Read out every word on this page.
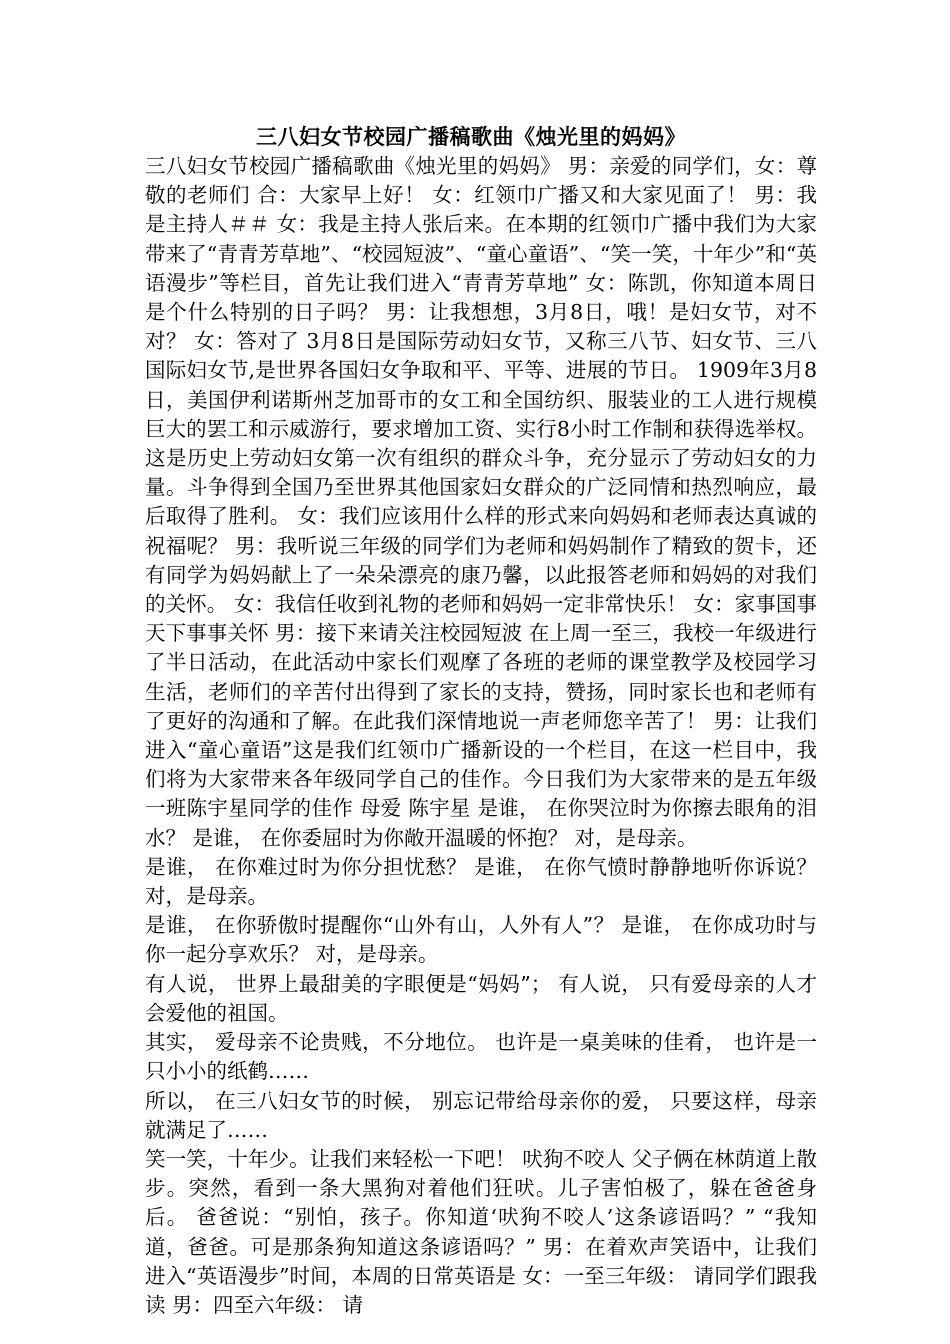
三八妇女节校园广播稿歌曲《烛光里的妈妈》

三八妇女节校园广播稿歌曲《烛光里的妈妈》 男：亲爱的同学们，女：尊敬的老师们 合：大家早上好！ 女：红领巾广播又和大家见面了！ 男：我是主持人＃＃ 女：我是主持人张后来。在本期的红领巾广播中我们为大家带来了“青青芳草地”、“校园短波”、“童心童语”、“笑一笑，十年少”和“英语漫步”等栏目，首先让我们进入“青青芳草地” 女：陈凯，你知道本周日是个什么特别的日子吗？ 男：让我想想，3月8日，哦！是妇女节，对不对？ 女：答对了 3月8日是国际劳动妇女节，又称三八节、妇女节、三八国际妇女节,是世界各国妇女争取和平、平等、进展的节日。 1909年3月8日，美国伊利诺斯州芝加哥市的女工和全国纺织、服装业的工人进行规模巨大的罢工和示威游行，要求增加工资、实行8小时工作制和获得选举权。这是历史上劳动妇女第一次有组织的群众斗争，充分显示了劳动妇女的力量。斗争得到全国乃至世界其他国家妇女群众的广泛同情和热烈响应，最后取得了胜利。 女：我们应该用什么样的形式来向妈妈和老师表达真诚的祝福呢？ 男：我听说三年级的同学们为老师和妈妈制作了精致的贺卡，还有同学为妈妈献上了一朵朵漂亮的康乃馨，以此报答老师和妈妈的对我们的关怀。 女：我信任收到礼物的老师和妈妈一定非常快乐！ 女：家事国事天下事事关怀 男：接下来请关注校园短波 在上周一至三，我校一年级进行了半日活动，在此活动中家长们观摩了各班的老师的课堂教学及校园学习生活，老师们的辛苦付出得到了家长的支持，赞扬，同时家长也和老师有了更好的沟通和了解。在此我们深情地说一声老师您辛苦了！ 男：让我们进入“童心童语”这是我们红领巾广播新设的一个栏目，在这一栏目中，我们将为大家带来各年级同学自己的佳作。今日我们为大家带来的是五年级一班陈宇星同学的佳作 母爱 陈宇星 是谁， 在你哭泣时为你擦去眼角的泪水？ 是谁， 在你委屈时为你敞开温暖的怀抱？ 对，是母亲。

是谁， 在你难过时为你分担忧愁？ 是谁， 在你气愤时静静地听你诉说？ 对，是母亲。

是谁， 在你骄傲时提醒你“山外有山，人外有人”？ 是谁， 在你成功时与你一起分享欢乐？ 对，是母亲。

有人说， 世界上最甜美的字眼便是“妈妈”； 有人说， 只有爱母亲的人才会爱他的祖国。

其实， 爱母亲不论贵贱，不分地位。 也许是一桌美味的佳肴， 也许是一只小小的纸鹤……

所以， 在三八妇女节的时候， 别忘记带给母亲你的爱， 只要这样，母亲就满足了……

笑一笑，十年少。让我们来轻松一下吧！ 吠狗不咬人 父子俩在林荫道上散步。突然，看到一条大黑狗对着他们狂吠。儿子害怕极了，躲在爸爸身后。 爸爸说：“别怕，孩子。你知道‘吠狗不咬人’这条谚语吗？” “我知道，爸爸。可是那条狗知道这条谚语吗？” 男：在着欢声笑语中，让我们进入“英语漫步”时间，本周的日常英语是 女：一至三年级： 请同学们跟我读 男：四至六年级： 请
